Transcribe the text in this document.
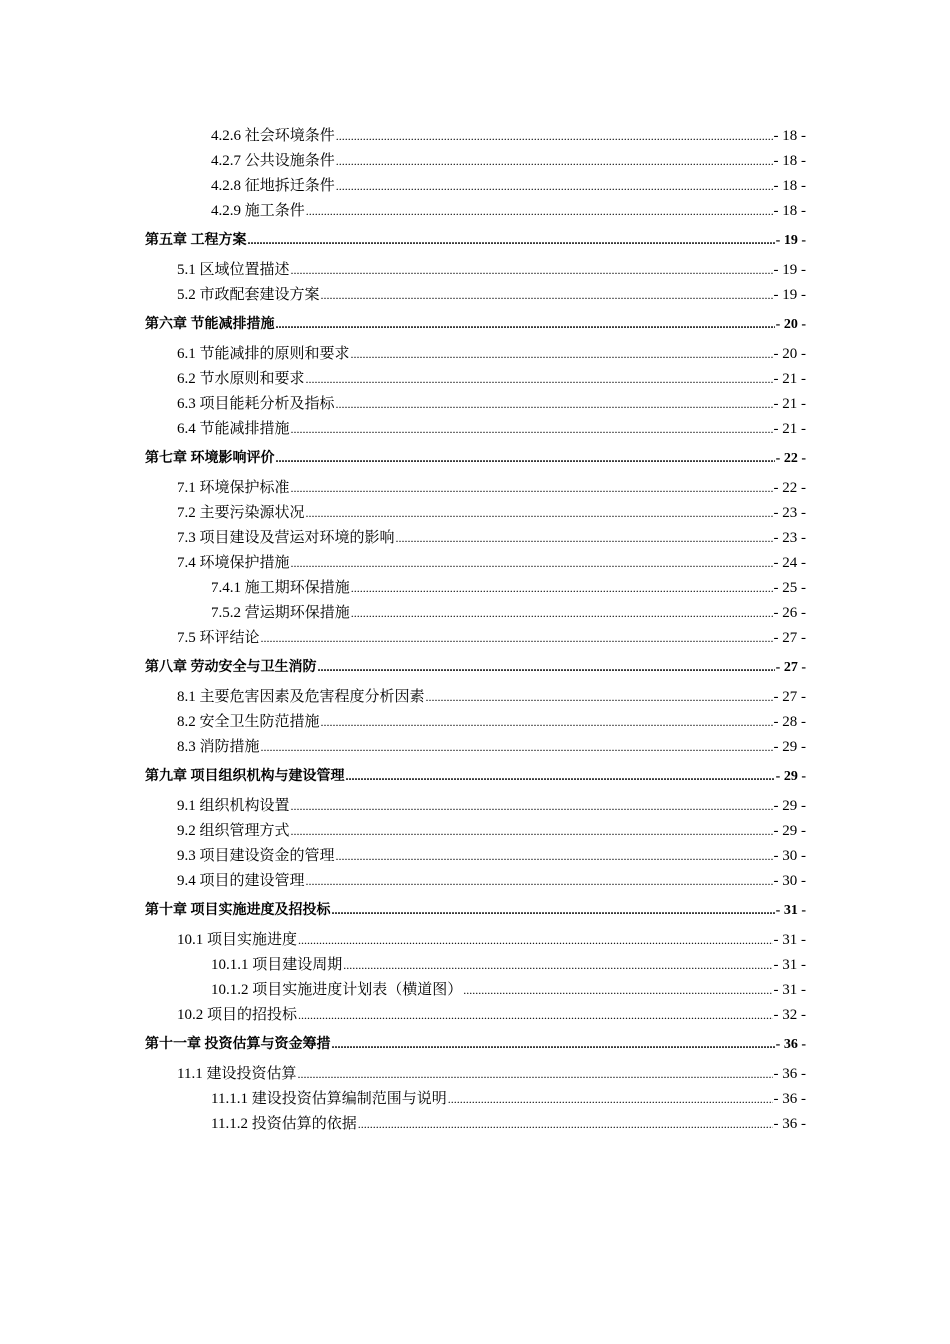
4.2.6 社会环境条件 .....	- 18 -
4.2.7 公共设施条件 .....	- 18 -
4.2.8 征地拆迁条件 .....	- 18 -
4.2.9 施工条件 .....	- 18 -
第五章 工程方案 .....	- 19 -
5.1 区域位置描述 .....	- 19 -
5.2 市政配套建设方案 .....	- 19 -
第六章 节能减排措施 .....	- 20 -
6.1 节能减排的原则和要求 .....	- 20 -
6.2 节水原则和要求 .....	- 21 -
6.3 项目能耗分析及指标 .....	- 21 -
6.4 节能减排措施 .....	- 21 -
第七章 环境影响评价 .....	- 22 -
7.1 环境保护标准 .....	- 22 -
7.2 主要污染源状况 .....	- 23 -
7.3 项目建设及营运对环境的影响 .....	- 23 -
7.4 环境保护措施 .....	- 24 -
7.4.1 施工期环保措施 .....	- 25 -
7.5.2 营运期环保措施 .....	- 26 -
7.5 环评结论 .....	- 27 -
第八章 劳动安全与卫生消防 .....	- 27 -
8.1 主要危害因素及危害程度分析因素 .....	- 27 -
8.2 安全卫生防范措施 .....	- 28 -
8.3 消防措施 .....	- 29 -
第九章 项目组织机构与建设管理 .....	- 29 -
9.1 组织机构设置 .....	- 29 -
9.2 组织管理方式 .....	- 29 -
9.3 项目建设资金的管理 .....	- 30 -
9.4 项目的建设管理 .....	- 30 -
第十章 项目实施进度及招投标 .....	- 31 -
10.1 项目实施进度 .....	- 31 -
10.1.1 项目建设周期 .....	- 31 -
10.1.2 项目实施进度计划表（横道图） .....	- 31 -
10.2 项目的招投标 .....	- 32 -
第十一章 投资估算与资金筹措 .....	- 36 -
11.1 建设投资估算 .....	- 36 -
11.1.1 建设投资估算编制范围与说明 .....	- 36 -
11.1.2 投资估算的依据 .....	- 36 -
